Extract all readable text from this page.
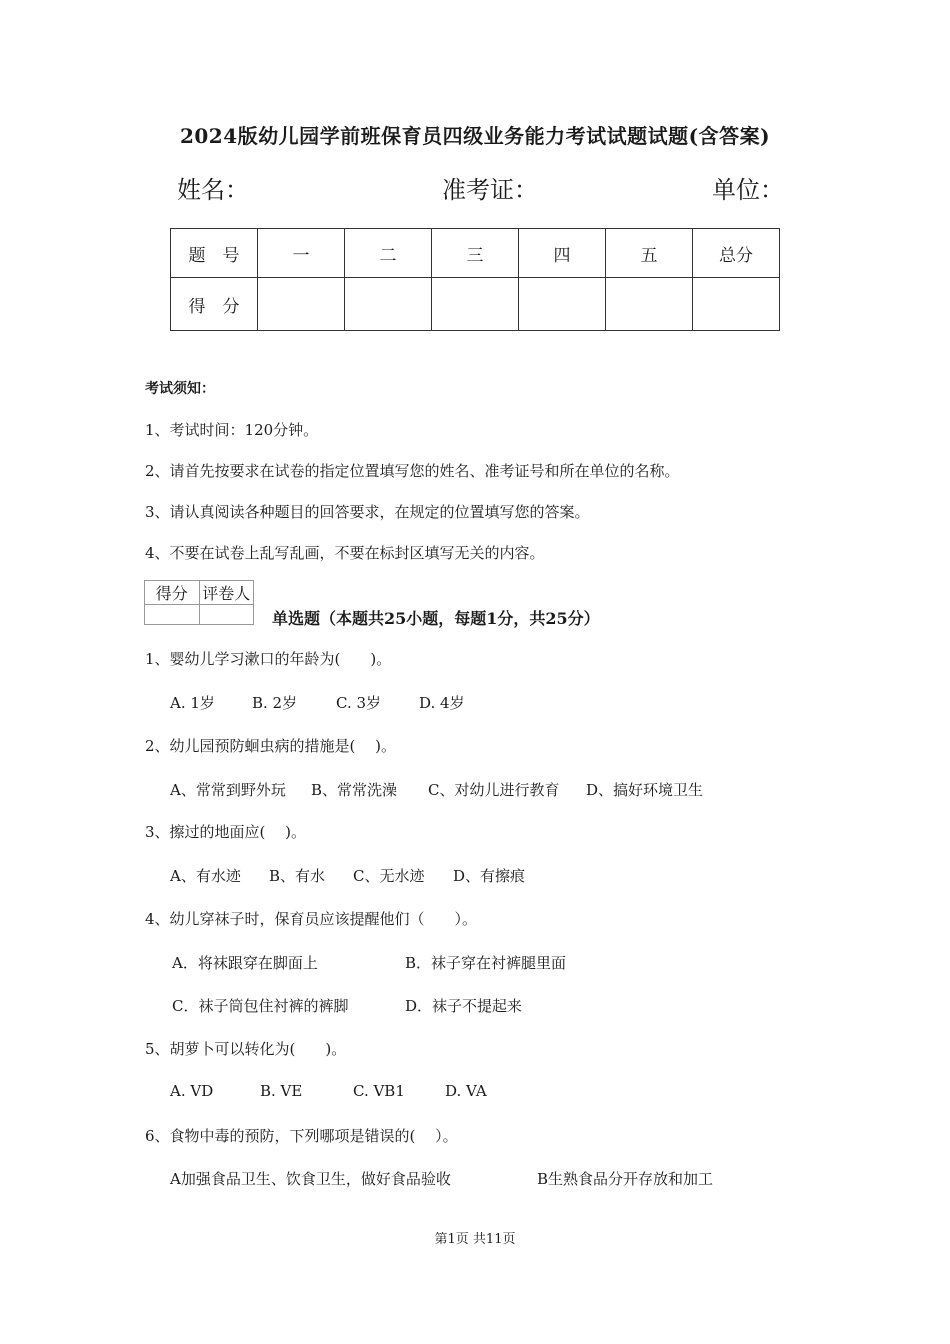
2024版幼儿园学前班保育员四级业务能力考试试题试题(含答案)
姓名：	准考证：	单位：
题　号	一	二	三	四	五	总分
得　分						
考试须知：
1、考试时间：120分钟。
2、请首先按要求在试卷的指定位置填写您的姓名、准考证号和所在单位的名称。
3、请认真阅读各种题目的回答要求，在规定的位置填写您的答案。
4、不要在试卷上乱写乱画，不要在标封区填写无关的内容。
得分	评卷人

单选题（本题共25小题，每题1分，共25分）
1、婴幼儿学习漱口的年龄为(　　)。
A. 1岁 B. 2岁	C. 3岁	D. 4岁
2、幼儿园预防蛔虫病的措施是(　 )。
A、常常到野外玩 B、常常洗澡 C、对幼儿进行教育 D、搞好环境卫生
3、擦过的地面应(　 )。
A、有水迹 B、有水 C、无水迹 D、有擦痕
4、幼儿穿袜子时，保育员应该提醒他们（　　）。
A．将袜跟穿在脚面上	B．袜子穿在衬裤腿里面
C．袜子筒包住衬裤的裤脚	D．袜子不提起来
5、胡萝卜可以转化为(　　)。
A. VD	B. VE	C. VB1	D. VA
6、食物中毒的预防，下列哪项是错误的(　 ）。
A加强食品卫生、饮食卫生，做好食品验收	B生熟食品分开存放和加工
第1页 共11页
